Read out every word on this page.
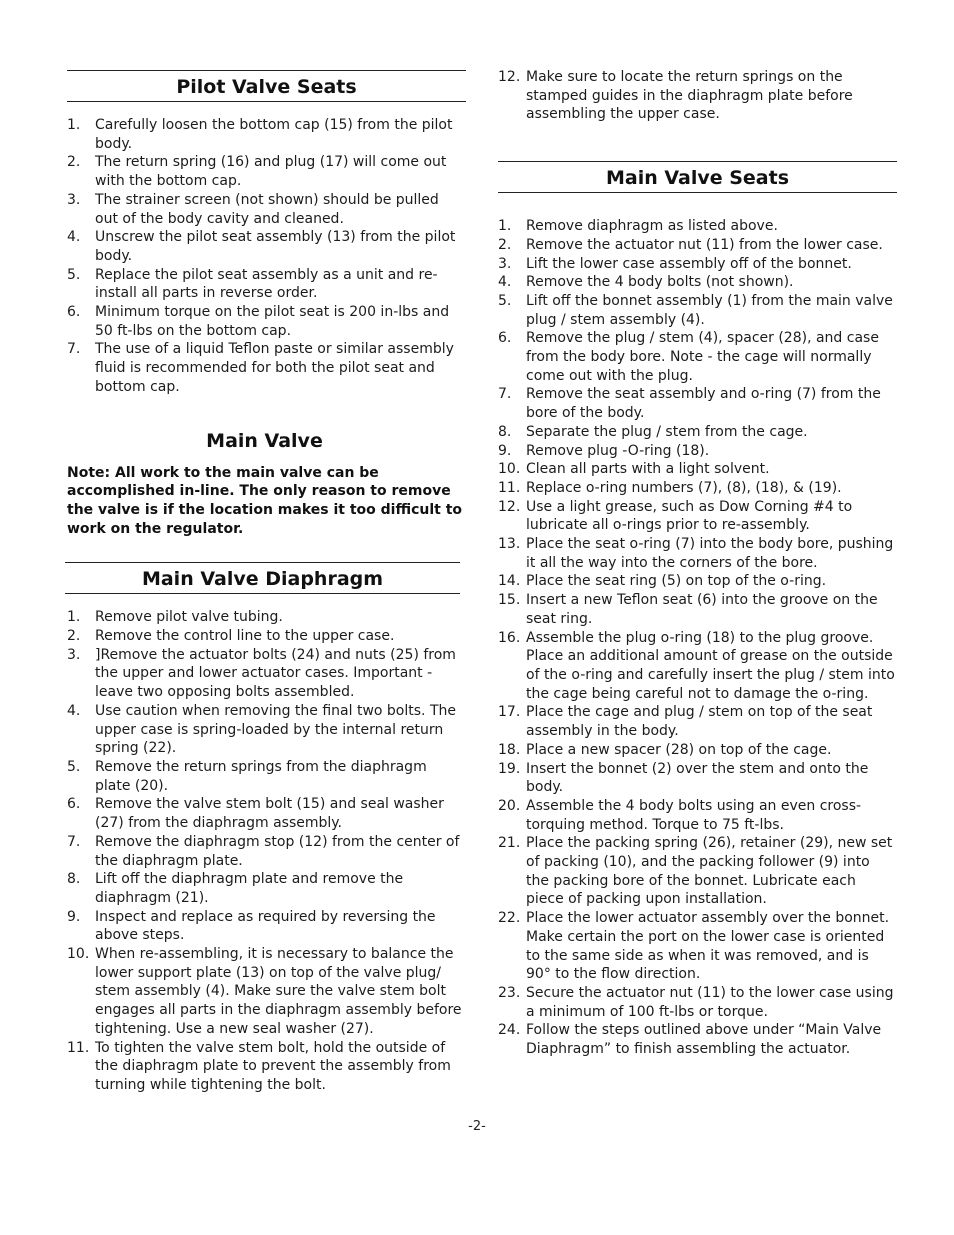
Pilot Valve Seats
1. Carefully loosen the bottom cap (15) from the pilot body.
2. The return spring (16) and plug (17) will come out with the bottom cap.
3. The strainer screen (not shown) should be pulled out of the body cavity and cleaned.
4. Unscrew the pilot seat assembly (13) from the pilot body.
5. Replace the pilot seat assembly as a unit and re-install all parts in reverse order.
6. Minimum torque on the pilot seat is 200 in-lbs and 50 ft-lbs on the bottom cap.
7. The use of a liquid Teflon paste or similar assembly fluid is recommended for both the pilot seat and bottom cap.
Main Valve
Note: All work to the main valve can be accomplished in-line. The only reason to remove the valve is if the location makes it too difficult to work on the regulator.
Main Valve Diaphragm
1. Remove pilot valve tubing.
2. Remove the control line to the upper case.
3. ]Remove the actuator bolts (24) and nuts (25) from the upper and lower actuator cases. Important - leave two opposing bolts assembled.
4. Use caution when removing the final two bolts. The upper case is spring-loaded by the internal return spring (22).
5. Remove the return springs from the diaphragm plate (20).
6. Remove the valve stem bolt (15) and seal washer (27) from the diaphragm assembly.
7. Remove the diaphragm stop (12) from the center of the diaphragm plate.
8. Lift off the diaphragm plate and remove the diaphragm (21).
9. Inspect and replace as required by reversing the above steps.
10. When re-assembling, it is necessary to balance the lower support plate (13) on top of the valve plug/ stem assembly (4). Make sure the valve stem bolt engages all parts in the diaphragm assembly before tightening. Use a new seal washer (27).
11. To tighten the valve stem bolt, hold the outside of the diaphragm plate to prevent the assembly from turning while tightening the bolt.
12. Make sure to locate the return springs on the stamped guides in the diaphragm plate before assembling the upper case.
Main Valve Seats
1. Remove diaphragm as listed above.
2. Remove the actuator nut (11) from the lower case.
3. Lift the lower case assembly off of the bonnet.
4. Remove the 4 body bolts (not shown).
5. Lift off the bonnet assembly (1) from the main valve plug / stem assembly (4).
6. Remove the plug / stem (4), spacer (28), and case from the body bore. Note - the cage will normally come out with the plug.
7. Remove the seat assembly and o-ring (7) from the bore of the body.
8. Separate the plug / stem from the cage.
9. Remove plug -O-ring (18).
10. Clean all parts with a light solvent.
11. Replace o-ring numbers (7), (8), (18), & (19).
12. Use a light grease, such as Dow Corning #4 to lubricate all o-rings prior to re-assembly.
13. Place the seat o-ring (7) into the body bore, pushing it all the way into the corners of the bore.
14. Place the seat ring (5) on top of the o-ring.
15. Insert a new Teflon seat (6) into the groove on the seat ring.
16. Assemble the plug o-ring (18) to the plug groove. Place an additional amount of grease on the outside of the o-ring and carefully insert the plug / stem into the cage being careful not to damage the o-ring.
17. Place the cage and plug / stem on top of the seat assembly in the body.
18. Place a new spacer (28) on top of the cage.
19. Insert the bonnet (2) over the stem and onto the body.
20. Assemble the 4 body bolts using an even cross-torquing method. Torque to 75 ft-lbs.
21. Place the packing spring (26), retainer (29), new set of packing (10), and the packing follower (9) into the packing bore of the bonnet. Lubricate each piece of packing upon installation.
22. Place the lower actuator assembly over the bonnet. Make certain the port on the lower case is oriented to the same side as when it was removed, and is 90° to the flow direction.
23. Secure the actuator nut (11) to the lower case using a minimum of 100 ft-lbs or torque.
24. Follow the steps outlined above under “Main Valve Diaphragm” to finish assembling the actuator.
-2-
